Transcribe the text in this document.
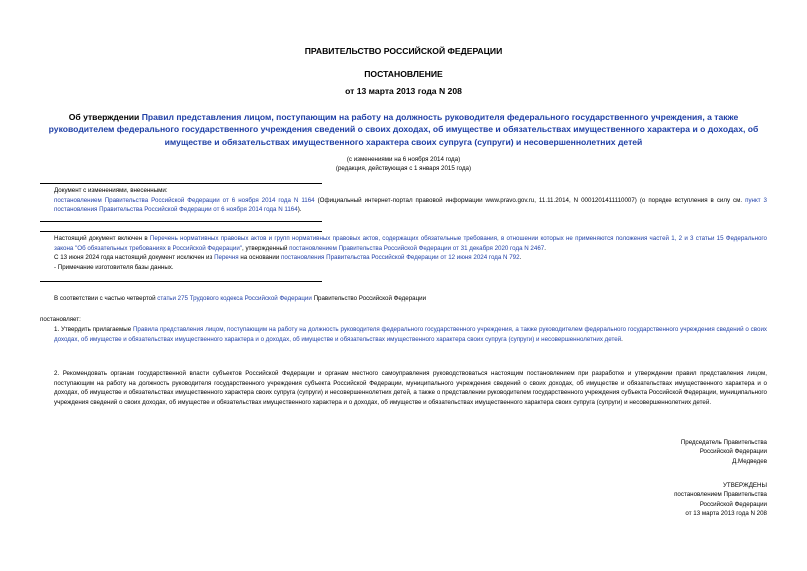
ПРАВИТЕЛЬСТВО РОССИЙСКОЙ ФЕДЕРАЦИИ
ПОСТАНОВЛЕНИЕ
от 13 марта 2013 года N 208
Об утверждении Правил представления лицом, поступающим на работу на должность руководителя федерального государственного учреждения, а также руководителем федерального государственного учреждения сведений о своих доходах, об имуществе и обязательствах имущественного характера и о доходах, об имуществе и обязательствах имущественного характера своих супруга (супруги) и несовершеннолетних детей
(с изменениями на 6 ноября 2014 года)
(редакция, действующая с 1 января 2015 года)
Документ с изменениями, внесенными:
постановлением Правительства Российской Федерации от 6 ноября 2014 года N 1164 (Официальный интернет-портал правовой информации www.pravo.gov.ru, 11.11.2014, N 0001201411110007) (о порядке вступления в силу см. пункт 3 постановления Правительства Российской Федерации от 6 ноября 2014 года N 1164).
Настоящий документ включен в Перечень нормативных правовых актов и групп нормативных правовых актов, содержащих обязательные требования, в отношении которых не применяются положения частей 1, 2 и 3 статьи 15 Федерального закона "Об обязательных требованиях в Российской Федерации", утвержденный постановлением Правительства Российской Федерации от 31 декабря 2020 года N 2467.
С 13 июня 2024 года настоящий документ исключен из Перечня на основании постановления Правительства Российской Федерации от 12 июня 2024 года N 792.
- Примечание изготовителя базы данных.
В соответствии с частью четвертой статьи 275 Трудового кодекса Российской Федерации Правительство Российской Федерации
постановляет:
1. Утвердить прилагаемые Правила представления лицом, поступающим на работу на должность руководителя федерального государственного учреждения, а также руководителем федерального государственного учреждения сведений о своих доходах, об имуществе и обязательствах имущественного характера и о доходах, об имуществе и обязательствах имущественного характера своих супруга (супруги) и несовершеннолетних детей.
2. Рекомендовать органам государственной власти субъектов Российской Федерации и органам местного самоуправления руководствоваться настоящим постановлением при разработке и утверждении правил представления лицом, поступающим на работу на должность руководителя государственного учреждения субъекта Российской Федерации, муниципального учреждения сведений о своих доходах, об имуществе и обязательствах имущественного характера и о доходах, об имуществе и обязательствах имущественного характера своих супруга (супруги) и несовершеннолетних детей, а также о представлении руководителем государственного учреждения субъекта Российской Федерации, муниципального учреждения сведений о своих доходах, об имуществе и обязательствах имущественного характера и о доходах, об имуществе и обязательствах имущественного характера своих супруга (супруги) и несовершеннолетних детей.
Председатель Правительства
Российской Федерации
Д.Медведев
УТВЕРЖДЕНЫ
постановлением Правительства
Российской Федерации
от 13 марта 2013 года N 208
